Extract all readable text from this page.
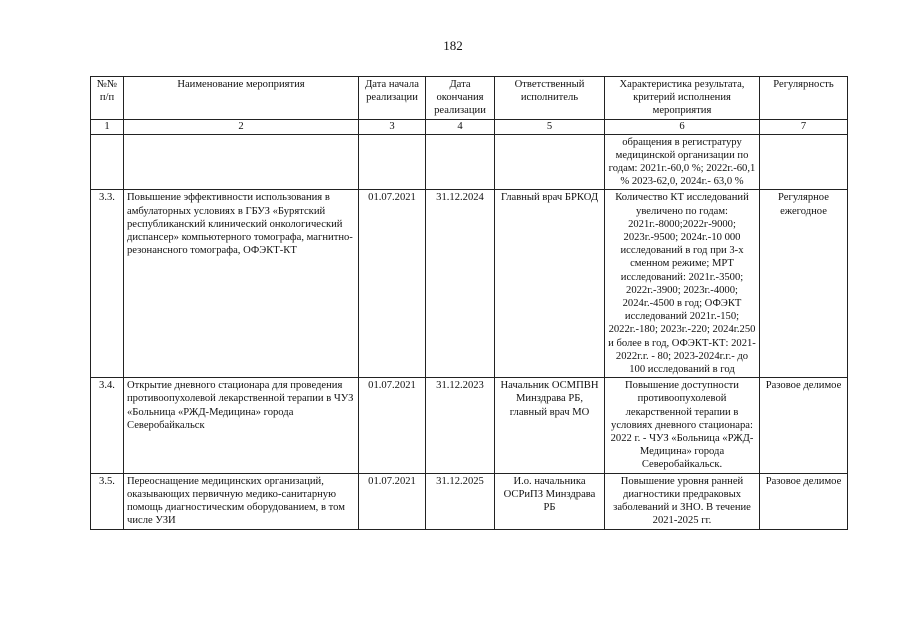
182
№№ п/п	Наименование мероприятия	Дата начала реализации	Дата окончания реализации	Ответственный исполнитель	Характеристика результата, критерий исполнения мероприятия	Регулярность
1	2	3	4	5	6	7
					обращения в регистратуру медицинской организации по годам: 2021г.-60,0 %; 2022г.-60,1 % 2023-62,0, 2024г.- 63,0 %	
3.3.	Повышение эффективности использования в амбулаторных условиях в ГБУЗ «Бурятский республиканский клинический онкологический диспансер» компьютерного томографа, магнитно-резонансного томографа, ОФЭКТ-КТ	01.07.2021	31.12.2024	Главный врач БРКОД	Количество КТ исследований увеличено по годам: 2021г.-8000;2022г-9000; 2023г.-9500; 2024г.-10 000 исследований в год при 3-х сменном режиме; МРТ исследований: 2021г.-3500; 2022г.-3900; 2023г.-4000; 2024г.-4500 в год; ОФЭКТ исследований 2021г.-150; 2022г.-180; 2023г.-220; 2024г.250 и более в год, ОФЭКТ-КТ: 2021-2022г.г. - 80; 2023-2024г.г.- до 100 исследований в год	Регулярное ежегодное
3.4.	Открытие дневного стационара для проведения противоопухолевой лекарственной терапии в ЧУЗ «Больница «РЖД-Медицина» города Северобайкальск	01.07.2021	31.12.2023	Начальник ОСМПВН Минздрава РБ, главный врач МО	Повышение доступности противоопухолевой лекарственной терапии в условиях дневного стационара: 2022 г. - ЧУЗ «Больница «РЖД-Медицина» города Северобайкальск.	Разовое делимое
3.5.	Переоснащение медицинских организаций, оказывающих первичную медико-санитарную помощь диагностическим оборудованием, в том числе УЗИ	01.07.2021	31.12.2025	И.о. начальника ОСРиПЗ Минздрава РБ	Повышение уровня ранней диагностики предраковых заболеваний и ЗНО. В течение 2021-2025 гг.	Разовое делимое
